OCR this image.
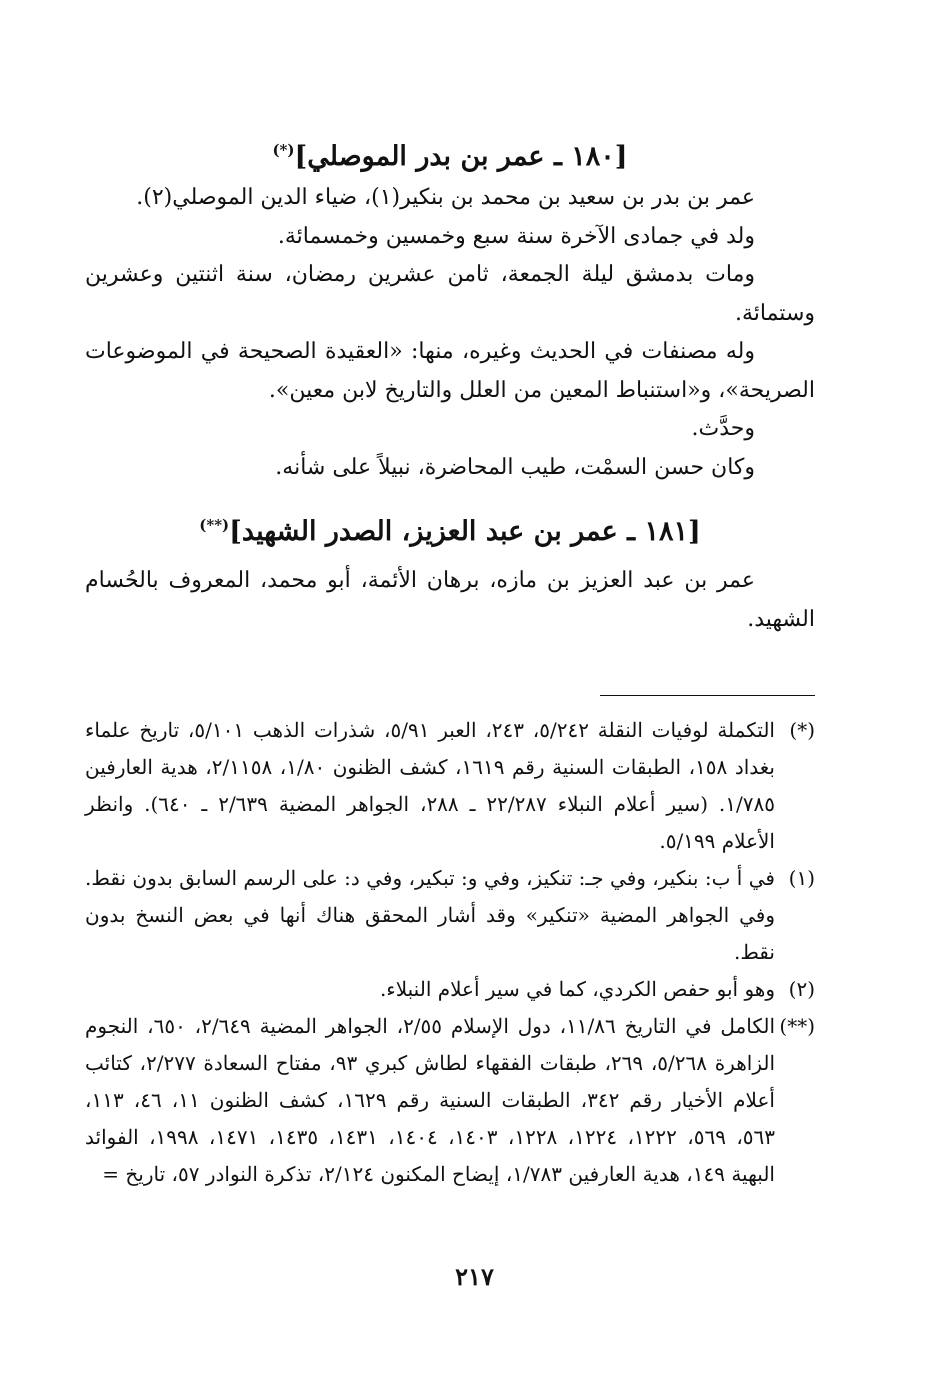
[١٨٠ ـ عمر بن بدر الموصلي](*)

عمر بن بدر بن سعيد بن محمد بن بنكير(١)، ضياء الدين الموصلي(٢).

ولد في جمادى الآخرة سنة سبع وخمسين وخمسمائة.

ومات بدمشق ليلة الجمعة، ثامن عشرين رمضان، سنة اثنتين وعشرين وستمائة.

وله مصنفات في الحديث وغيره، منها: «العقيدة الصحيحة في الموضوعات الصريحة»، و«استنباط المعين من العلل والتاريخ لابن معين».

وحدَّث.

وكان حسن السمْت، طيب المحاضرة، نبيلاً على شأنه.

[١٨١ ـ عمر بن عبد العزيز، الصدر الشهيد](**)

عمر بن عبد العزيز بن مازه، برهان الأئمة، أبو محمد، المعروف بالحُسام الشهيد.

(*)
التكملة لوفيات النقلة ٥/٢٤٢، ٢٤٣، العبر ٥/٩١، شذرات الذهب ٥/١٠١، تاريخ علماء بغداد ١٥٨، الطبقات السنية رقم ١٦١٩، كشف الظنون ١/٨٠، ٢/١١٥٨، هدية العارفين ١/٧٨٥. (سير أعلام النبلاء ٢٢/٢٨٧ ـ ٢٨٨، الجواهر المضية ٢/٦٣٩ ـ ٦٤٠). وانظر الأعلام ٥/١٩٩.

(١)
في أ ب: بنكير، وفي جـ: تنكيز، وفي و: تبكير، وفي د: على الرسم السابق بدون نقط. وفي الجواهر المضية «تنكير» وقد أشار المحقق هناك أنها في بعض النسخ بدون نقط.

(٢)
وهو أبو حفص الكردي، كما في سير أعلام النبلاء.

(**)
الكامل في التاريخ ١١/٨٦، دول الإسلام ٢/٥٥، الجواهر المضية ٢/٦٤٩، ٦٥٠، النجوم الزاهرة ٥/٢٦٨، ٢٦٩، طبقات الفقهاء لطاش كبري ٩٣، مفتاح السعادة ٢/٢٧٧، كتائب أعلام الأخيار رقم ٣٤٢، الطبقات السنية رقم ١٦٢٩، كشف الظنون ١١، ٤٦، ١١٣، ٥٦٣، ٥٦٩، ١٢٢٢، ١٢٢٤، ١٢٢٨، ١٤٠٣، ١٤٠٤، ١٤٣١، ١٤٣٥، ١٤٧١، ١٩٩٨، الفوائد البهية ١٤٩، هدية العارفين ١/٧٨٣، إيضاح المكنون ٢/١٢٤، تذكرة النوادر ٥٧، تاريخ =

٢١٧
